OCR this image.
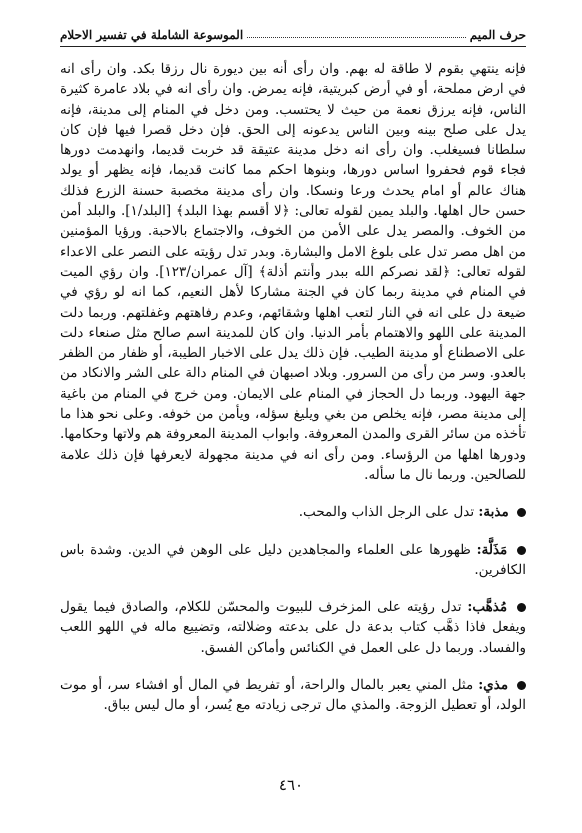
حرف الميم
الموسوعة الشاملة في تفسير الاحلام

فإنه ينتهي بقوم لا طاقة له بهم. وان رأى أنه بين ديورة نال رزقا بكد. وان رأى انه في ارض مملحة، أو في أرض كبريتية، فإنه يمرض. وان رأى انه في بلاد عامرة كثيرة الناس، فإنه يرزق نعمة من حيث لا يحتسب. ومن دخل في المنام إلى مدينة، فإنه يدل على صلح بينه وبين الناس يدعونه إلى الحق. فإن دخل قصرا فيها فإن كان سلطانا فسيغلب. وان رأى انه دخل مدينة عتيقة قد خربت قديما، وانهدمت دورها فجاء قوم فحفروا اساس دورها، وبنوها احكم مما كانت قديما، فإنه يظهر أو يولد هناك عالم أو امام يحدث ورعا ونسكا. وان رأى مدينة مخصبة حسنة الزرع فذلك حسن حال اهلها. والبلد يمين لقوله تعالى: ﴿لا أقسم بهذا البلد﴾ [البلد/١]. والبلد أمن من الخوف. والمصر يدل على الأمن من الخوف، والاجتماع بالاحبة. ورؤيا المؤمنين من اهل مصر تدل على بلوغ الامل والبشارة. وبدر تدل رؤيته على النصر على الاعداء لقوله تعالى: ﴿لقد نصركم الله ببدر وأنتم أذلة﴾ [آل عمران/١٢٣]. وان رؤي الميت في المنام في مدينة ربما كان في الجنة مشاركا لأهل النعيم، كما انه لو رؤي في ضيعة دل على انه في النار لتعب اهلها وشقائهم، وعدم رفاهتهم وغفلتهم. وربما دلت المدينة على اللهو والاهتمام بأمر الدنيا. وان كان للمدينة اسم صالح مثل صنعاء دلت على الاصطناع أو مدينة الطيب. فإن ذلك يدل على الاخبار الطيبة، أو ظفار من الظفر بالعدو. وسر من رأى من السرور. وبلاد اصبهان في المنام دالة على الشر والانكاد من جهة اليهود. وربما دل الحجاز في المنام على الايمان. ومن خرج في المنام من باغية إلى مدينة مصر، فإنه يخلص من بغي ويليغ سؤله، ويأمن من خوفه. وعلى نحو هذا ما تأخذه من سائر القرى والمدن المعروفة. وابواب المدينة المعروفة هم ولاتها وحكامها. ودورها اهلها من الرؤساء. ومن رأى انه في مدينة مجهولة لايعرفها فإن ذلك علامة للصالحين. وربما نال ما سأله.

مذبة: تدل على الرجل الذاب والمحب.

مَذَلَّة: ظهورها على العلماء والمجاهدين دليل على الوهن في الدين. وشدة باس الكافرين.

مُذهَّب: تدل رؤيته على المزخرف للبيوت والمحسّن للكلام، والصادق فيما يقول ويفعل فاذا ذهَّب كتاب بدعة دل على بدعته وضلالته، وتضييع ماله في اللهو اللعب والفساد. وربما دل على العمل في الكنائس وأماكن الفسق.

مذي: مثل المني يعبر بالمال والراحة، أو تفريط في المال أو افشاء سر، أو موت الولد، أو تعطيل الزوجة. والمذي مال ترجى زيادته مع يُسر، أو مال ليس بباق.

٤٦٠
